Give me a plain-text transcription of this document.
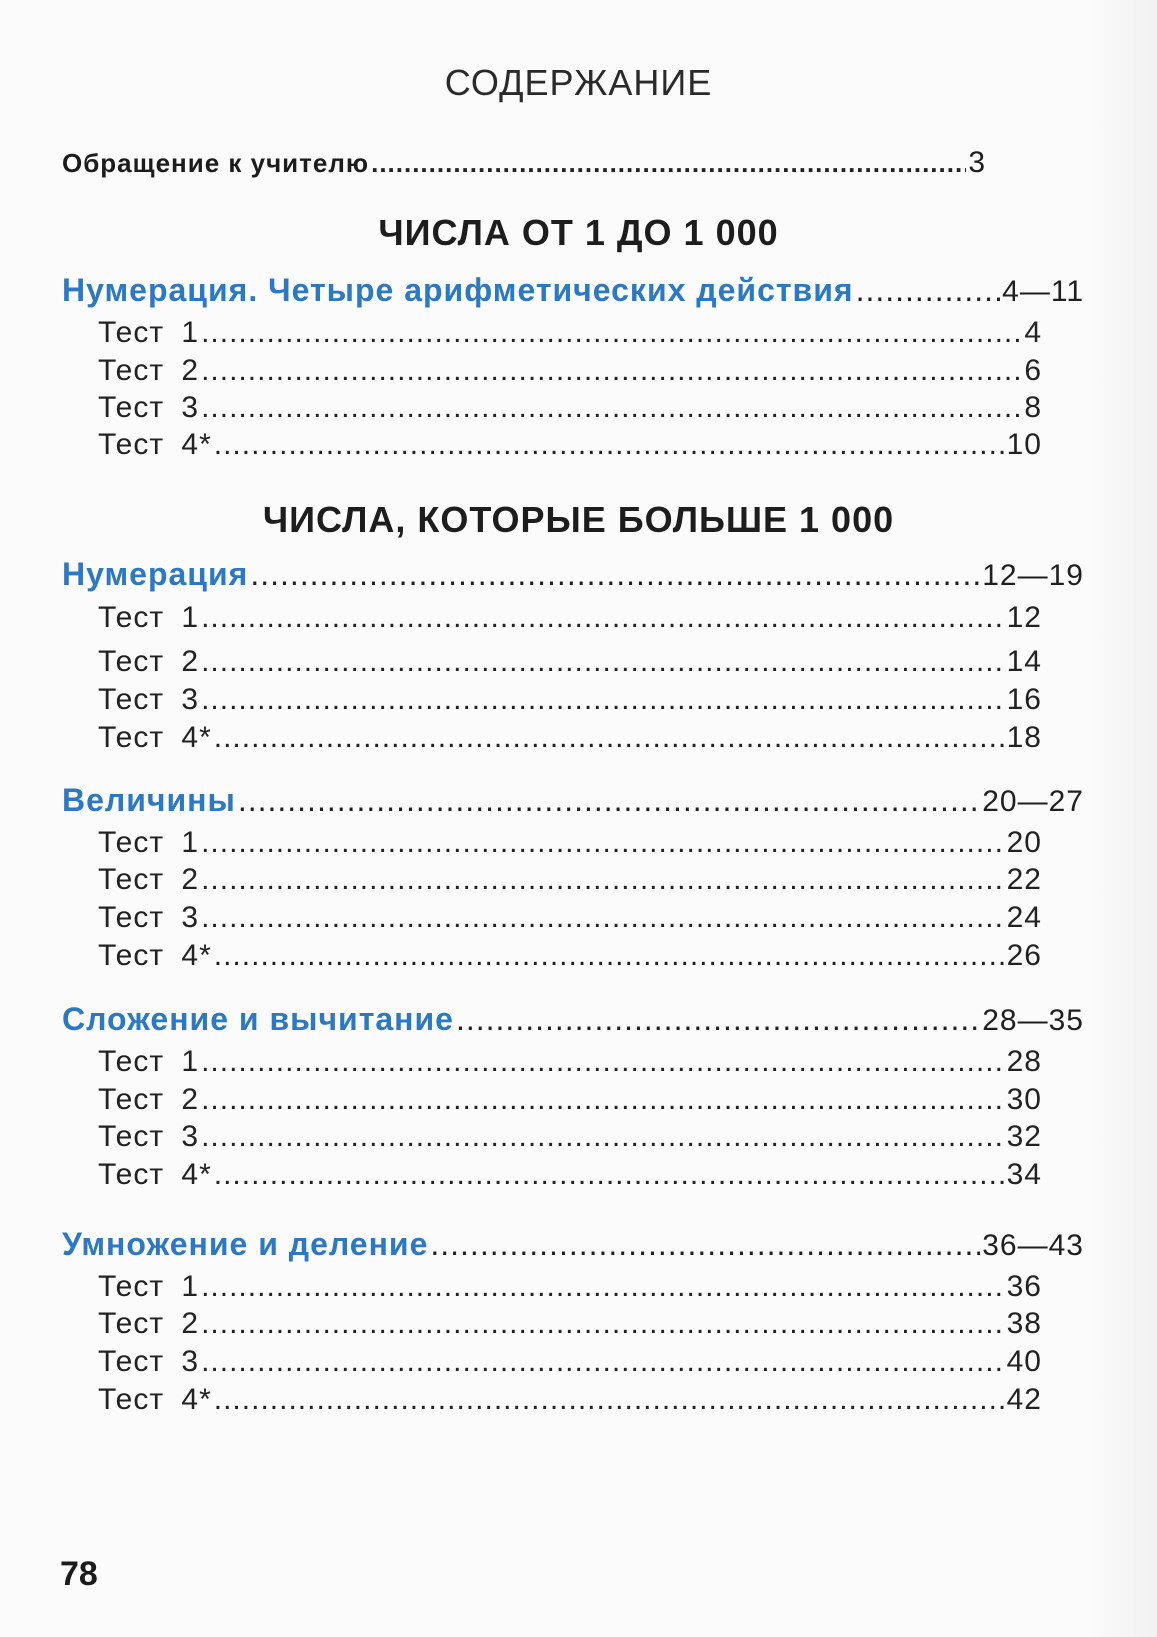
СОДЕРЖАНИЕ
Обращение к учителю .....	3
ЧИСЛА ОТ 1 ДО 1 000
Нумерация. Четыре арифметических действия .....	4—11
Тест 1 .....	4
Тест 2 .....	6
Тест 3 .....	8
Тест 4* .....	10
ЧИСЛА, КОТОРЫЕ БОЛЬШЕ 1 000
Нумерация .....	12—19
Тест 1 .....	12
Тест 2 .....	14
Тест 3 .....	16
Тест 4* .....	18
Величины .....	20—27
Тест 1 .....	20
Тест 2 .....	22
Тест 3 .....	24
Тест 4* .....	26
Сложение и вычитание .....	28—35
Тест 1 .....	28
Тест 2 .....	30
Тест 3 .....	32
Тест 4* .....	34
Умножение и деление .....	36—43
Тест 1 .....	36
Тест 2 .....	38
Тест 3 .....	40
Тест 4* .....	42
78
